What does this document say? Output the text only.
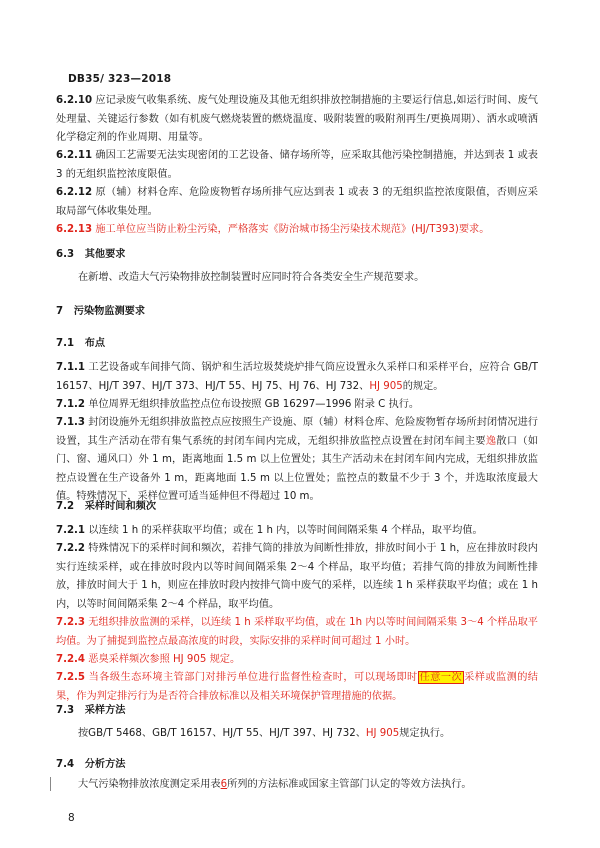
DB35/ 323—2018

6.2.10 应记录废气收集系统、废气处理设施及其他无组织排放控制措施的主要运行信息,如运行时间、废气处理量、关键运行参数（如有机废气燃烧装置的燃烧温度、吸附装置的吸附剂再生/更换周期）、洒水或喷洒化学稳定剂的作业周期、用量等。

6.2.11 确因工艺需要无法实现密闭的工艺设备、储存场所等，应采取其他污染控制措施，并达到表 1 或表 3 的无组织监控浓度限值。

6.2.12 原（辅）材料仓库、危险废物暂存场所排气应达到表 1 或表 3 的无组织监控浓度限值，否则应采取局部气体收集处理。

6.2.13 施工单位应当防止粉尘污染，严格落实《防治城市扬尘污染技术规范》(HJ/T393)要求。

6.3 其他要求

在新增、改造大气污染物排放控制装置时应同时符合各类安全生产规范要求。

7 污染物监测要求

7.1 布点

7.1.1 工艺设备或车间排气筒、锅炉和生活垃圾焚烧炉排气筒应设置永久采样口和采样平台，应符合 GB/T 16157、HJ/T 397、HJ/T 373、HJ/T 55、HJ 75、HJ 76、HJ 732、HJ 905的规定。

7.1.2 单位周界无组织排放监控点位布设按照 GB 16297—1996 附录 C 执行。

7.1.3 封闭设施外无组织排放监控点应按照生产设施、原（辅）材料仓库、危险废物暂存场所封闭情况进行设置，其生产活动在带有集气系统的封闭车间内完成，无组织排放监控点设置在封闭车间主要逸散口（如门、窗、通风口）外 1 m，距离地面 1.5 m 以上位置处；其生产活动未在封闭车间内完成，无组织排放监控点设置在生产设备外 1 m，距离地面 1.5 m 以上位置处；监控点的数量不少于 3 个，并选取浓度最大值。特殊情况下，采样位置可适当延伸但不得超过 10 m。

7.2 采样时间和频次

7.2.1 以连续 1 h 的采样获取平均值；或在 1 h 内，以等时间间隔采集 4 个样品，取平均值。

7.2.2 特殊情况下的采样时间和频次，若排气筒的排放为间断性排放，排放时间小于 1 h，应在排放时段内实行连续采样，或在排放时段内以等时间间隔采集 2～4 个样品，取平均值；若排气筒的排放为间断性排放，排放时间大于 1 h，则应在排放时段内按排气筒中废气的采样，以连续 1 h 采样获取平均值；或在 1 h 内，以等时间间隔采集 2～4 个样品，取平均值。

7.2.3 无组织排放监测的采样，以连续 1 h 采样取平均值，或在 1h 内以等时间间隔采集 3～4 个样品取平均值。为了捕捉到监控点最高浓度的时段，实际安排的采样时间可超过 1 小时。

7.2.4 恶臭采样频次参照 HJ 905 规定。

7.2.5 当各级生态环境主管部门对排污单位进行监督性检查时，可以现场即时 任意一次 采样或监测的结果，作为判定排污行为是否符合排放标准以及相关环境保护管理措施的依据。

7.3 采样方法

按GB/T 5468、GB/T 16157、HJ/T 55、HJ/T 397、HJ 732、HJ 905规定执行。

7.4 分析方法

大气污染物排放浓度测定采用表6所列的方法标准或国家主管部门认定的等效方法执行。

8
